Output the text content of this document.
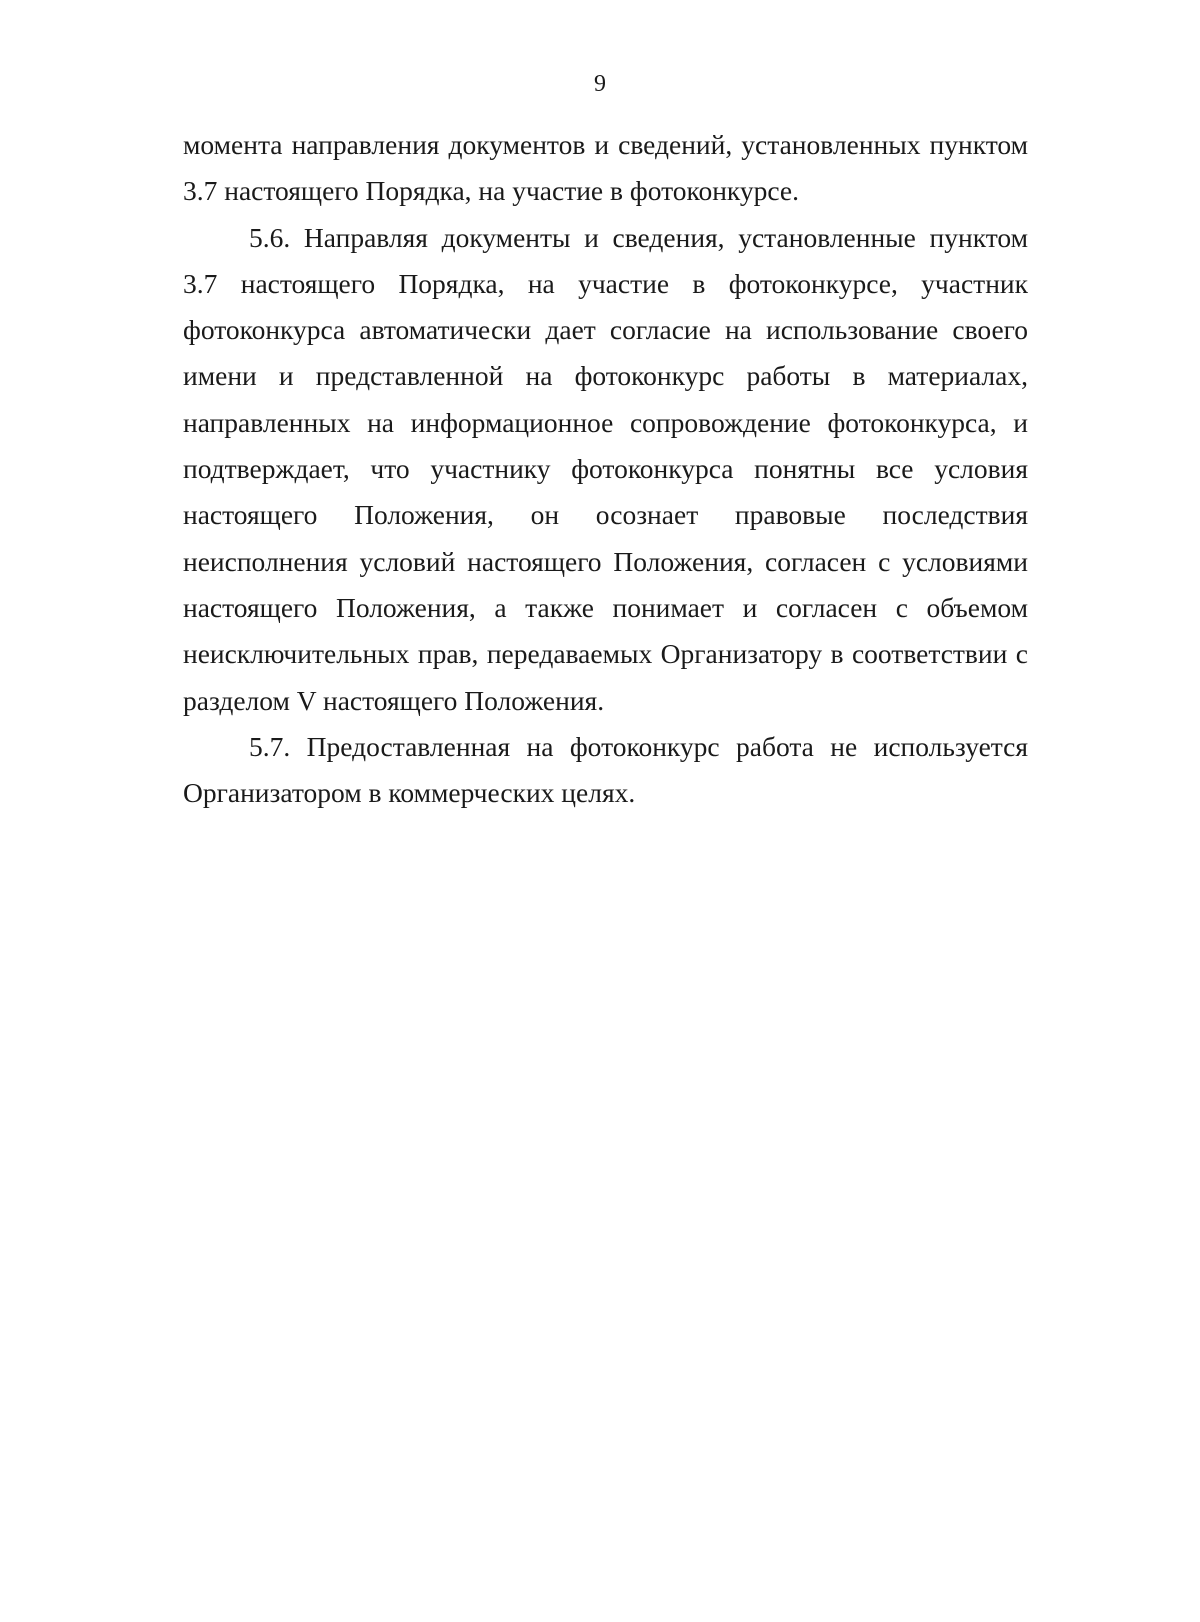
9

момента направления документов и сведений, установленных пунктом 3.7 настоящего Порядка, на участие в фотоконкурсе.

5.6. Направляя документы и сведения, установленные пунктом 3.7 настоящего Порядка, на участие в фотоконкурсе, участник фотоконкурса автоматически дает согласие на использование своего имени и представленной на фотоконкурс работы в материалах, направленных на информационное сопровождение фотоконкурса, и подтверждает, что участнику фотоконкурса понятны все условия настоящего Положения, он осознает правовые последствия неисполнения условий настоящего Положения, согласен с условиями настоящего Положения, а также понимает и согласен с объемом неисключительных прав, передаваемых Организатору в соответствии с разделом V настоящего Положения.

5.7. Предоставленная на фотоконкурс работа не используется Организатором в коммерческих целях.
